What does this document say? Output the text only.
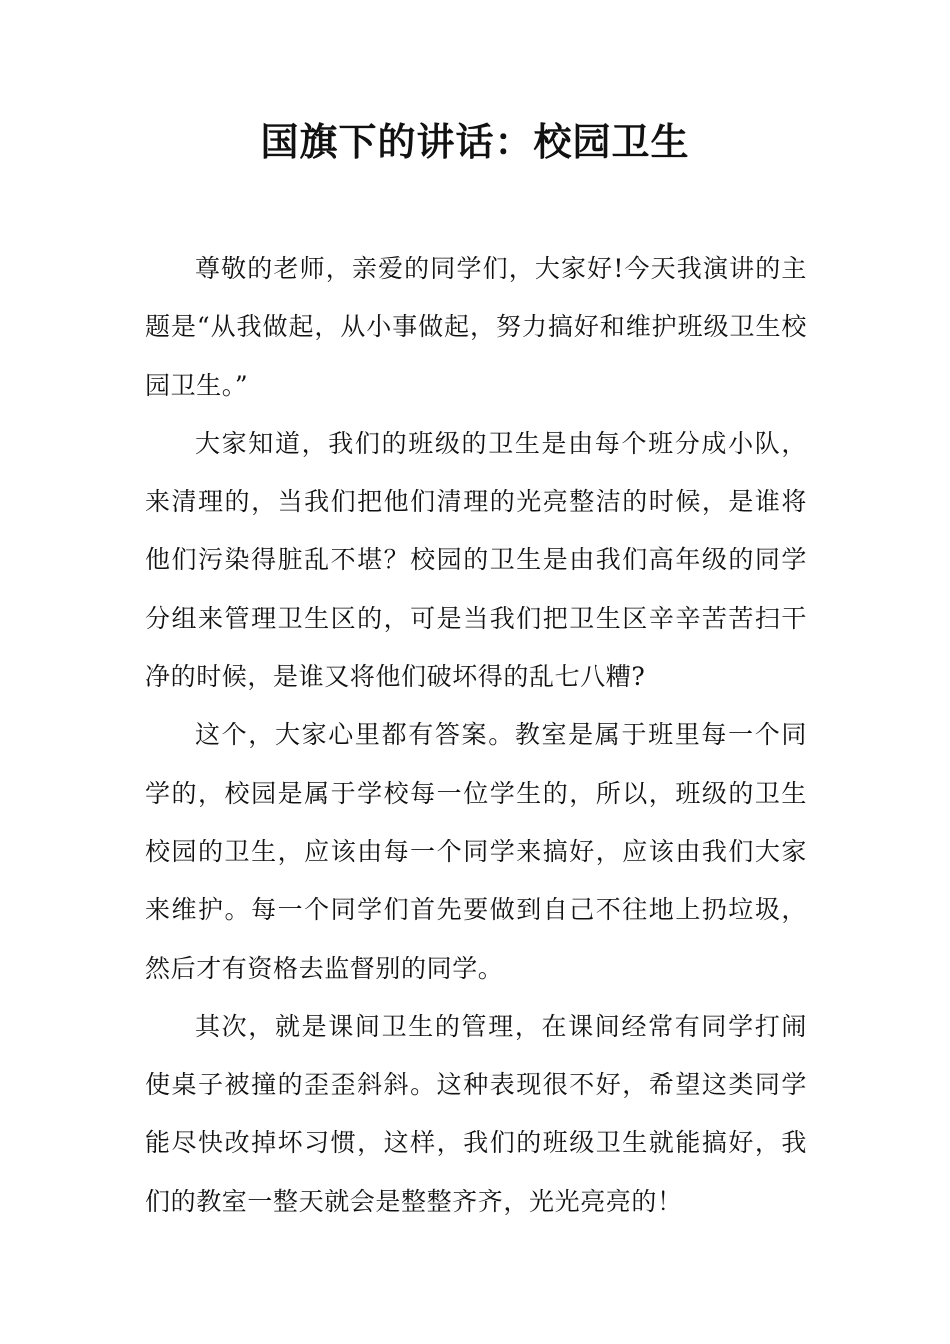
国旗下的讲话：校园卫生

尊敬的老师，亲爱的同学们，大家好!今天我演讲的主题是“从我做起，从小事做起，努力搞好和维护班级卫生校园卫生。”

大家知道，我们的班级的卫生是由每个班分成小队，来清理的，当我们把他们清理的光亮整洁的时候，是谁将他们污染得脏乱不堪？校园的卫生是由我们高年级的同学分组来管理卫生区的，可是当我们把卫生区辛辛苦苦扫干净的时候，是谁又将他们破坏得的乱七八糟?

这个，大家心里都有答案。教室是属于班里每一个同学的，校园是属于学校每一位学生的，所以，班级的卫生校园的卫生，应该由每一个同学来搞好，应该由我们大家来维护。每一个同学们首先要做到自己不往地上扔垃圾，然后才有资格去监督别的同学。

其次，就是课间卫生的管理，在课间经常有同学打闹使桌子被撞的歪歪斜斜。这种表现很不好，希望这类同学能尽快改掉坏习惯，这样，我们的班级卫生就能搞好，我们的教室一整天就会是整整齐齐，光光亮亮的！
